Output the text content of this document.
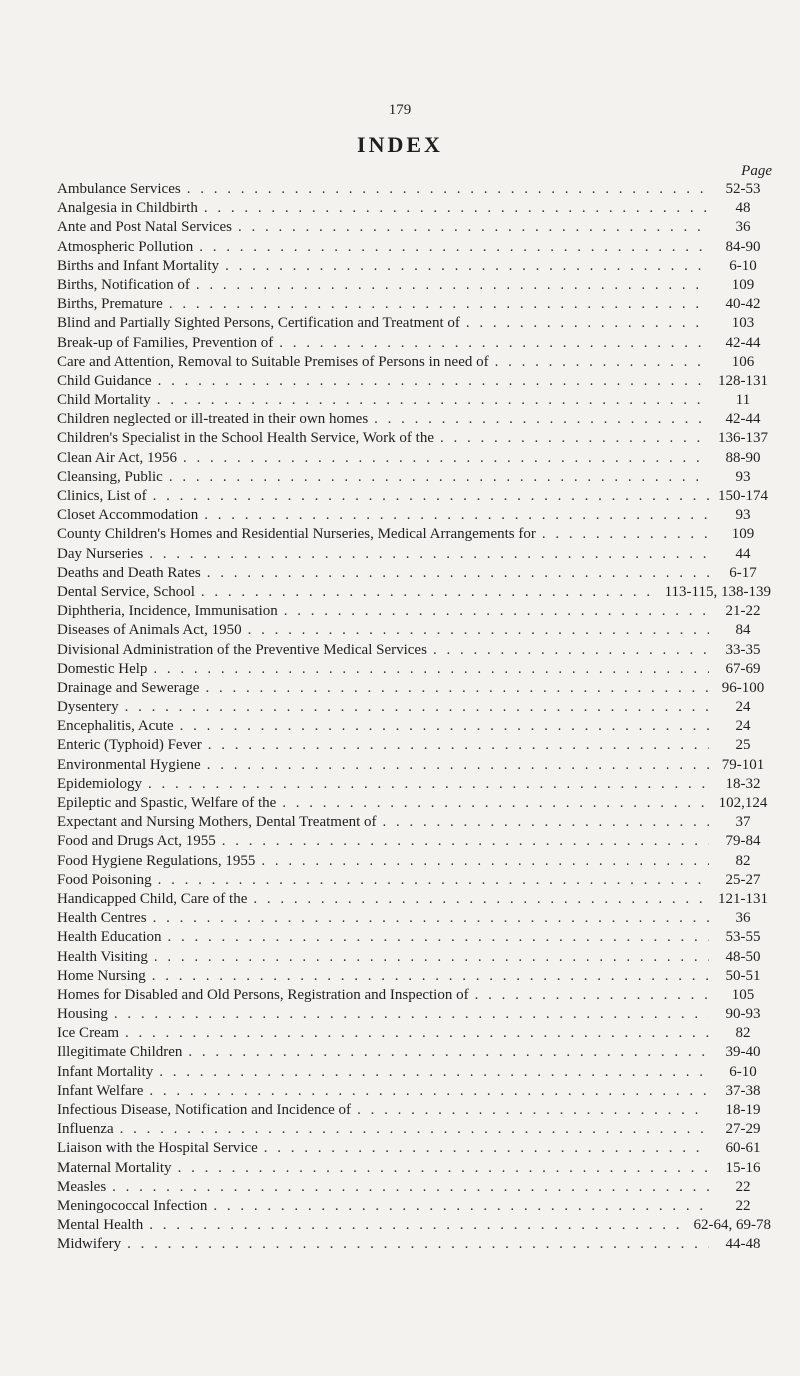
179
INDEX
Page
Ambulance Services . . .	52-53
Analgesia in Childbirth . . .	48
Ante and Post Natal Services . . .	36
Atmospheric Pollution . . .	84-90
Births and Infant Mortality . . .	6-10
Births, Notification of . . .	109
Births, Premature . . .	40-42
Blind and Partially Sighted Persons, Certification and Treatment of . . .	103
Break-up of Families, Prevention of . . .	42-44
Care and Attention, Removal to Suitable Premises of Persons in need of . . .	106
Child Guidance . . .	128-131
Child Mortality . . .	11
Children neglected or ill-treated in their own homes . . .	42-44
Children's Specialist in the School Health Service, Work of the . . .	136-137
Clean Air Act, 1956 . . .	88-90
Cleansing, Public . . .	93
Clinics, List of . . .	150-174
Closet Accommodation . . .	93
County Children's Homes and Residential Nurseries, Medical Arrangements for . . .	109
Day Nurseries . . .	44
Deaths and Death Rates . . .	6-17
Dental Service, School . . .	113-115, 138-139
Diphtheria, Incidence, Immunisation . . .	21-22
Diseases of Animals Act, 1950 . . .	84
Divisional Administration of the Preventive Medical Services . . .	33-35
Domestic Help . . .	67-69
Drainage and Sewerage . . .	96-100
Dysentery . . .	24
Encephalitis, Acute . . .	24
Enteric (Typhoid) Fever . . .	25
Environmental Hygiene . . .	79-101
Epidemiology . . .	18-32
Epileptic and Spastic, Welfare of the . . .	102,124
Expectant and Nursing Mothers, Dental Treatment of . . .	37
Food and Drugs Act, 1955 . . .	79-84
Food Hygiene Regulations, 1955 . . .	82
Food Poisoning . . .	25-27
Handicapped Child, Care of the . . .	121-131
Health Centres . . .	36
Health Education . . .	53-55
Health Visiting . . .	48-50
Home Nursing . . .	50-51
Homes for Disabled and Old Persons, Registration and Inspection of . . .	105
Housing . . .	90-93
Ice Cream . . .	82
Illegitimate Children . . .	39-40
Infant Mortality . . .	6-10
Infant Welfare . . .	37-38
Infectious Disease, Notification and Incidence of . . .	18-19
Influenza . . .	27-29
Liaison with the Hospital Service . . .	60-61
Maternal Mortality . . .	15-16
Measles . . .	22
Meningococcal Infection . . .	22
Mental Health . . .	62-64, 69-78
Midwifery . . .	44-48
